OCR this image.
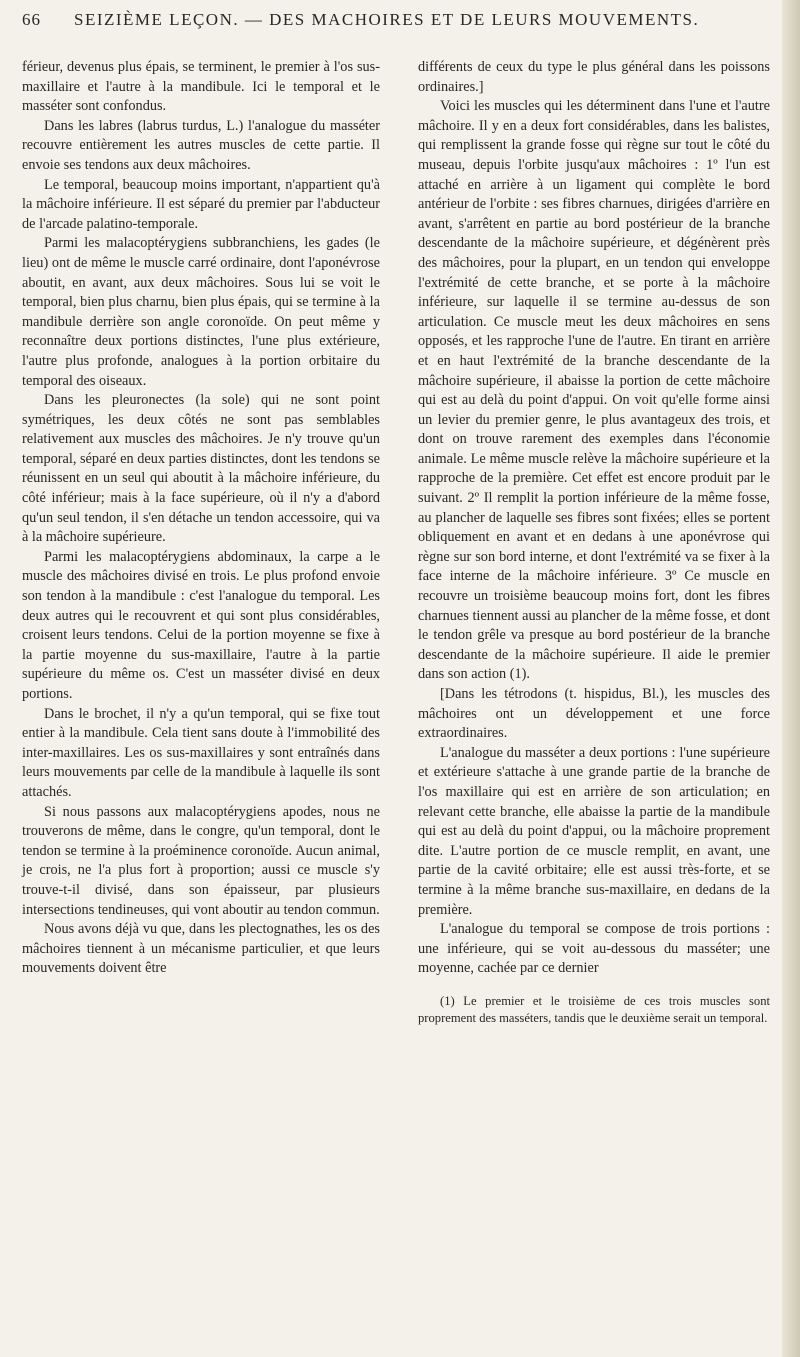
66 SEIZIÈME LEÇON. — DES MACHOIRES ET DE LEURS MOUVEMENTS.

férieur, devenus plus épais, se terminent, le premier à l'os sus-maxillaire et l'autre à la mandibule. Ici le temporal et le masséter sont confondus.

Dans les labres (labrus turdus, L.) l'analogue du masséter recouvre entièrement les autres muscles de cette partie. Il envoie ses tendons aux deux mâchoires.

Le temporal, beaucoup moins important, n'appartient qu'à la mâchoire inférieure. Il est séparé du premier par l'abducteur de l'arcade palatino-temporale.

Parmi les malacoptérygiens subbranchiens, les gades (le lieu) ont de même le muscle carré ordinaire, dont l'aponévrose aboutit, en avant, aux deux mâchoires. Sous lui se voit le temporal, bien plus charnu, bien plus épais, qui se termine à la mandibule derrière son angle coronoïde. On peut même y reconnaître deux portions distinctes, l'une plus extérieure, l'autre plus profonde, analogues à la portion orbitaire du temporal des oiseaux.

Dans les pleuronectes (la sole) qui ne sont point symétriques, les deux côtés ne sont pas semblables relativement aux muscles des mâchoires. Je n'y trouve qu'un temporal, séparé en deux parties distinctes, dont les tendons se réunissent en un seul qui aboutit à la mâchoire inférieure, du côté inférieur; mais à la face supérieure, où il n'y a d'abord qu'un seul tendon, il s'en détache un tendon accessoire, qui va à la mâchoire supérieure.

Parmi les malacoptérygiens abdominaux, la carpe a le muscle des mâchoires divisé en trois. Le plus profond envoie son tendon à la mandibule : c'est l'analogue du temporal. Les deux autres qui le recouvrent et qui sont plus considérables, croisent leurs tendons. Celui de la portion moyenne se fixe à la partie moyenne du sus-maxillaire, l'autre à la partie supérieure du même os. C'est un masséter divisé en deux portions.

Dans le brochet, il n'y a qu'un temporal, qui se fixe tout entier à la mandibule. Cela tient sans doute à l'immobilité des inter-maxillaires. Les os sus-maxillaires y sont entraînés dans leurs mouvements par celle de la mandibule à laquelle ils sont attachés.

Si nous passons aux malacoptérygiens apodes, nous ne trouverons de même, dans le congre, qu'un temporal, dont le tendon se termine à la proéminence coronoïde. Aucun animal, je crois, ne l'a plus fort à proportion; aussi ce muscle s'y trouve-t-il divisé, dans son épaisseur, par plusieurs intersections tendineuses, qui vont aboutir au tendon commun.

Nous avons déjà vu que, dans les plectognathes, les os des mâchoires tiennent à un mécanisme particulier, et que leurs mouvements doivent être

différents de ceux du type le plus général dans les poissons ordinaires.]

Voici les muscles qui les déterminent dans l'une et l'autre mâchoire. Il y en a deux fort considérables, dans les balistes, qui remplissent la grande fosse qui règne sur tout le côté du museau, depuis l'orbite jusqu'aux mâchoires : 1º l'un est attaché en arrière à un ligament qui complète le bord antérieur de l'orbite : ses fibres charnues, dirigées d'arrière en avant, s'arrêtent en partie au bord postérieur de la branche descendante de la mâchoire supérieure, et dégénèrent près des mâchoires, pour la plupart, en un tendon qui enveloppe l'extrémité de cette branche, et se porte à la mâchoire inférieure, sur laquelle il se termine au-dessus de son articulation. Ce muscle meut les deux mâchoires en sens opposés, et les rapproche l'une de l'autre. En tirant en arrière et en haut l'extrémité de la branche descendante de la mâchoire supérieure, il abaisse la portion de cette mâchoire qui est au delà du point d'appui. On voit qu'elle forme ainsi un levier du premier genre, le plus avantageux des trois, et dont on trouve rarement des exemples dans l'économie animale. Le même muscle relève la mâchoire supérieure et la rapproche de la première. Cet effet est encore produit par le suivant. 2º Il remplit la portion inférieure de la même fosse, au plancher de laquelle ses fibres sont fixées; elles se portent obliquement en avant et en dedans à une aponévrose qui règne sur son bord interne, et dont l'extrémité va se fixer à la face interne de la mâchoire inférieure. 3º Ce muscle en recouvre un troisième beaucoup moins fort, dont les fibres charnues tiennent aussi au plancher de la même fosse, et dont le tendon grêle va presque au bord postérieur de la branche descendante de la mâchoire supérieure. Il aide le premier dans son action (1).

[Dans les tétrodons (t. hispidus, Bl.), les muscles des mâchoires ont un développement et une force extraordinaires.

L'analogue du masséter a deux portions : l'une supérieure et extérieure s'attache à une grande partie de la branche de l'os maxillaire qui est en arrière de son articulation; en relevant cette branche, elle abaisse la partie de la mandibule qui est au delà du point d'appui, ou la mâchoire proprement dite. L'autre portion de ce muscle remplit, en avant, une partie de la cavité orbitaire; elle est aussi très-forte, et se termine à la même branche sus-maxillaire, en dedans de la première.

L'analogue du temporal se compose de trois portions : une inférieure, qui se voit au-dessous du masséter; une moyenne, cachée par ce dernier

(1) Le premier et le troisième de ces trois muscles sont proprement des masséters, tandis que le deuxième serait un temporal.
